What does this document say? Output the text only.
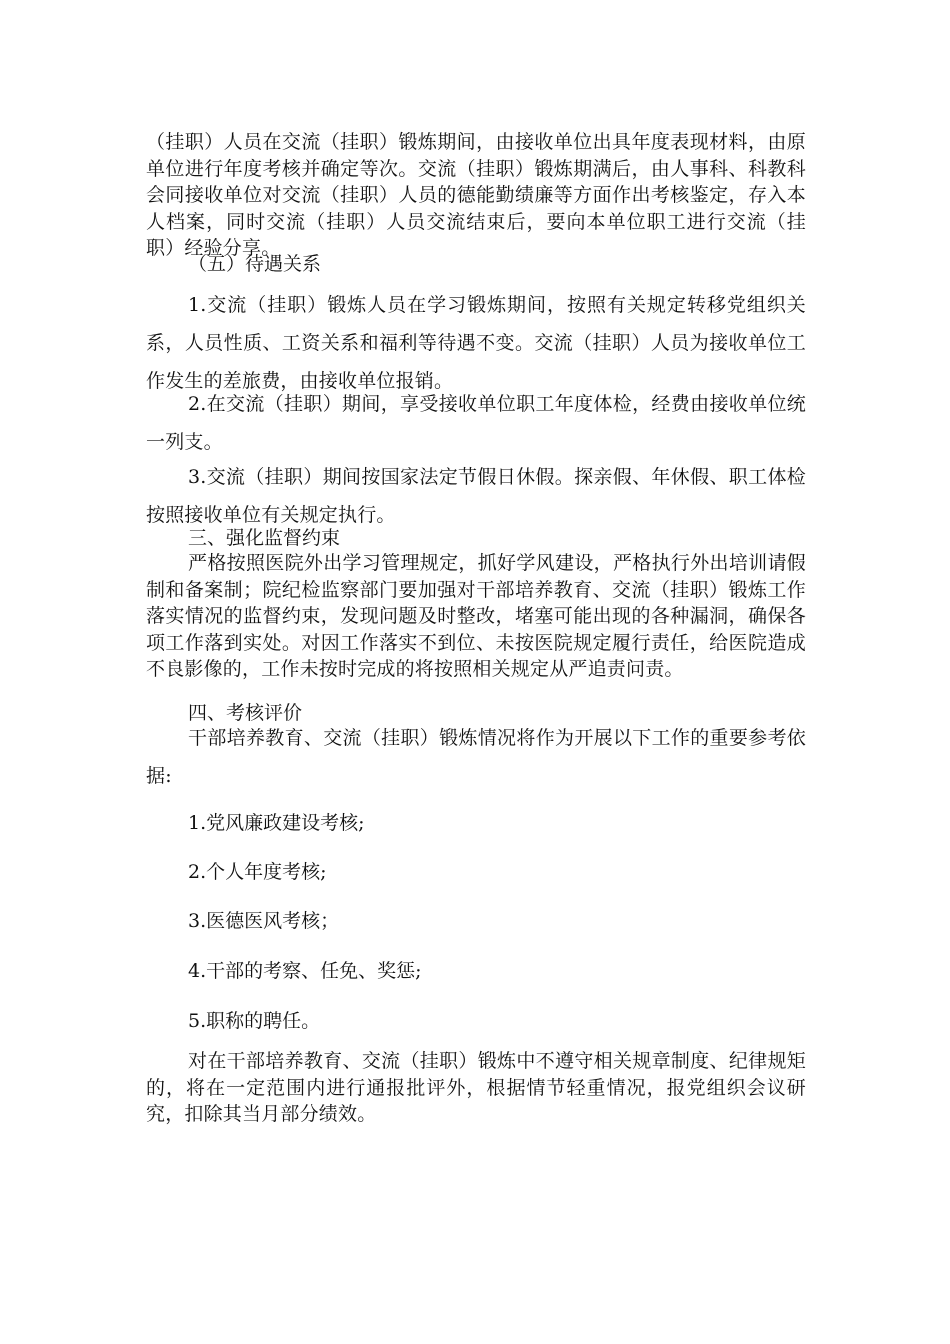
（挂职）人员在交流（挂职）锻炼期间，由接收单位出具年度表现材料，由原单位进行年度考核并确定等次。交流（挂职）锻炼期满后，由人事科、科教科会同接收单位对交流（挂职）人员的德能勤绩廉等方面作出考核鉴定，存入本人档案，同时交流（挂职）人员交流结束后，要向本单位职工进行交流（挂职）经验分享。

（五）待遇关系

1.交流（挂职）锻炼人员在学习锻炼期间，按照有关规定转移党组织关系，人员性质、工资关系和福利等待遇不变。交流（挂职）人员为接收单位工作发生的差旅费，由接收单位报销。

2.在交流（挂职）期间，享受接收单位职工年度体检，经费由接收单位统一列支。

3.交流（挂职）期间按国家法定节假日休假。探亲假、年休假、职工体检按照接收单位有关规定执行。

三、强化监督约束

严格按照医院外出学习管理规定，抓好学风建设，严格执行外出培训请假制和备案制；院纪检监察部门要加强对干部培养教育、交流（挂职）锻炼工作落实情况的监督约束，发现问题及时整改，堵塞可能出现的各种漏洞，确保各项工作落到实处。对因工作落实不到位、未按医院规定履行责任，给医院造成不良影像的，工作未按时完成的将按照相关规定从严追责问责。

四、考核评价

干部培养教育、交流（挂职）锻炼情况将作为开展以下工作的重要参考依据:

1.党风廉政建设考核;

2.个人年度考核;

3.医德医风考核；

4.干部的考察、任免、奖惩;

5.职称的聘任。

对在干部培养教育、交流（挂职）锻炼中不遵守相关规章制度、纪律规矩的，将在一定范围内进行通报批评外，根据情节轻重情况，报党组织会议研究，扣除其当月部分绩效。
